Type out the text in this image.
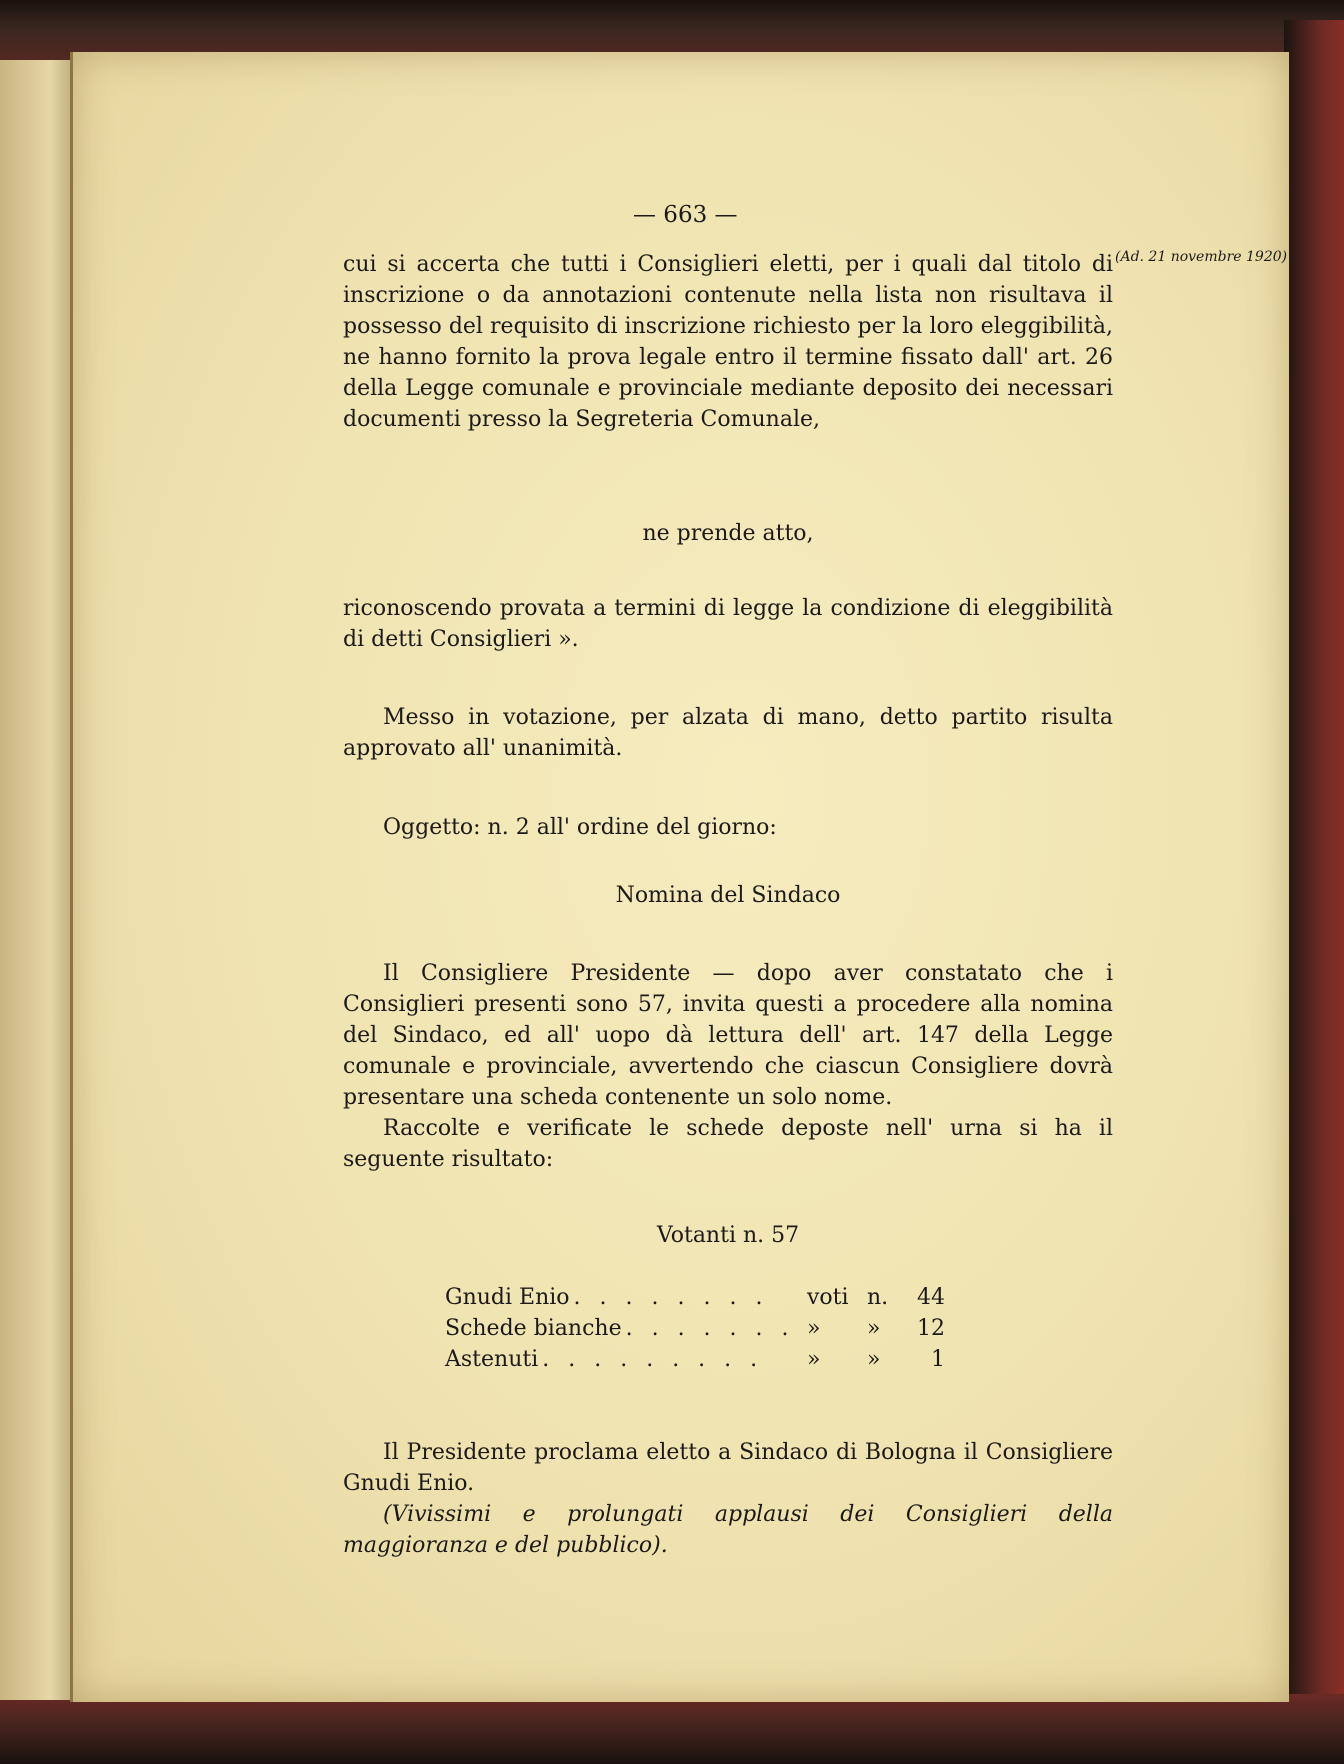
— 663 —
(Ad. 21 novembre 1920)

cui si accerta che tutti i Consiglieri eletti, per i quali dal titolo di inscrizione o da annotazioni contenute nella lista non risultava il possesso del requisito di inscrizione richiesto per la loro eleggibilità, ne hanno fornito la prova legale entro il termine fissato dall' art. 26 della Legge comunale e provinciale mediante deposito dei necessari documenti presso la Segreteria Comunale,

ne prende atto,

riconoscendo provata a termini di legge la condizione di eleggibilità di detti Consiglieri ».

Messo in votazione, per alzata di mano, detto partito risulta approvato all' unanimità.

Oggetto: n. 2 all' ordine del giorno:

Nomina del Sindaco

Il Consigliere Presidente — dopo aver constatato che i Consiglieri presenti sono 57, invita questi a procedere alla nomina del Sindaco, ed all' uopo dà lettura dell' art. 147 della Legge comunale e provinciale, avvertendo che ciascun Consigliere dovrà presentare una scheda contenente un solo nome.

Raccolte e verificate le schede deposte nell' urna si ha il seguente risultato:

Votanti n. 57

Gnudi Enio . . . . . . . .	voti n.	44
Schede bianche . . . . . . . »	»	12
Astenuti . . . . . . . . .	»	»	1

Il Presidente proclama eletto a Sindaco di Bologna il Consigliere Gnudi Enio.

(Vivissimi e prolungati applausi dei Consiglieri della maggioranza e del pubblico).
